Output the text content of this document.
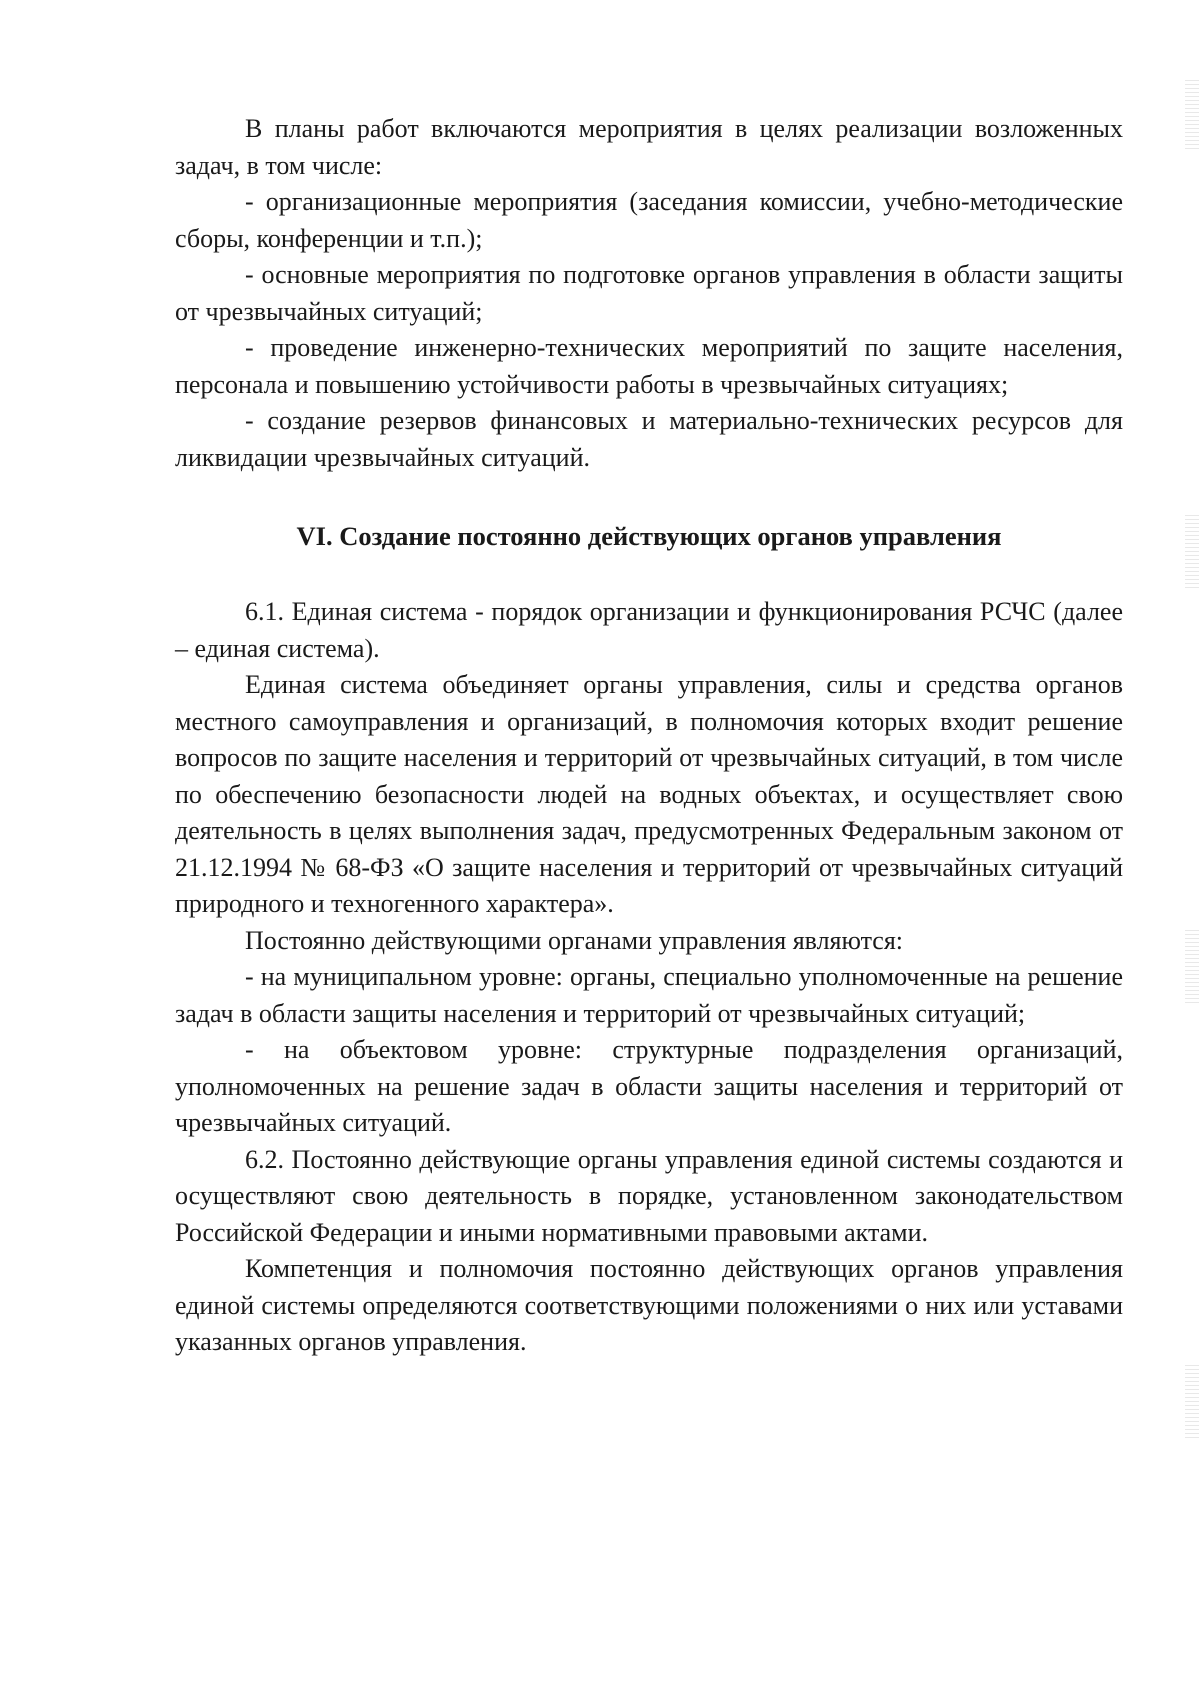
В планы работ включаются мероприятия в целях реализации возложенных задач, в том числе:

- организационные мероприятия (заседания комиссии, учебно-методические сборы, конференции и т.п.);

- основные мероприятия по подготовке органов управления в области защиты от чрезвычайных ситуаций;

- проведение инженерно-технических мероприятий по защите населения, персонала и повышению устойчивости работы в чрезвычайных ситуациях;

- создание резервов финансовых и материально-технических ресурсов для ликвидации чрезвычайных ситуаций.

VI. Создание постоянно действующих органов управления

6.1. Единая система - порядок организации и функционирования РСЧС (далее – единая система).

Единая система объединяет органы управления, силы и средства органов местного самоуправления и организаций, в полномочия которых входит решение вопросов по защите населения и территорий от чрезвычайных ситуаций, в том числе по обеспечению безопасности людей на водных объектах, и осуществляет свою деятельность в целях выполнения задач, предусмотренных Федеральным законом от 21.12.1994 № 68-ФЗ «О защите населения и территорий от чрезвычайных ситуаций природного и техногенного характера».

Постоянно действующими органами управления являются:

- на муниципальном уровне: органы, специально уполномоченные на решение задач в области защиты населения и территорий от чрезвычайных ситуаций;

- на объектовом уровне: структурные подразделения организаций, уполномоченных на решение задач в области защиты населения и территорий от чрезвычайных ситуаций.

6.2. Постоянно действующие органы управления единой системы создаются и осуществляют свою деятельность в порядке, установленном законодательством Российской Федерации и иными нормативными правовыми актами.

Компетенция и полномочия постоянно действующих органов управления единой системы определяются соответствующими положениями о них или уставами указанных органов управления.
